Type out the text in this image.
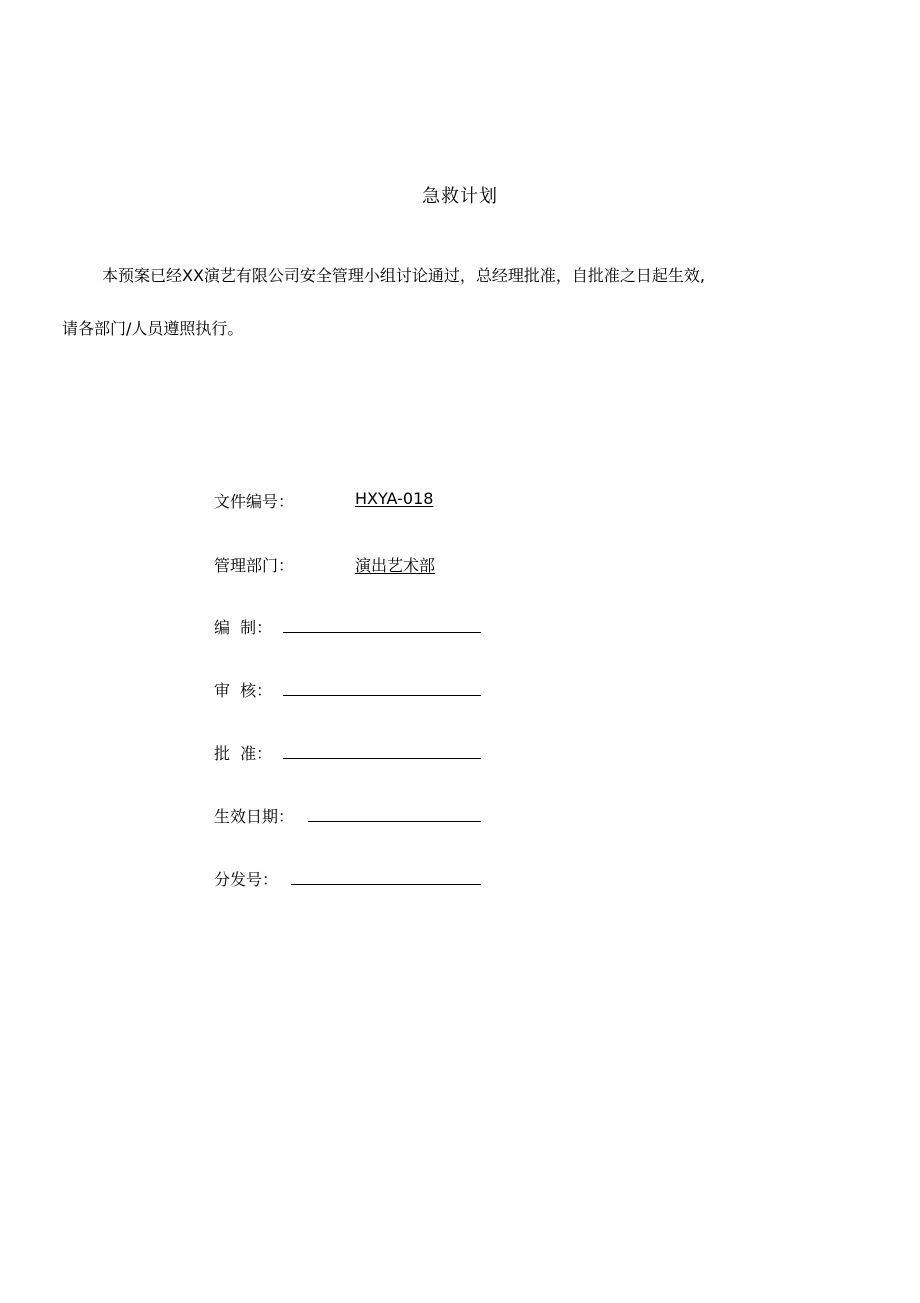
急救计划
本预案已经XX演艺有限公司安全管理小组讨论通过，总经理批准，自批准之日起生效,
请各部门/人员遵照执行。
文件编号：	HXYA-018
管理部门：	演出艺术部
编  制：
审  核：
批  准：
生效日期：
分发号：
